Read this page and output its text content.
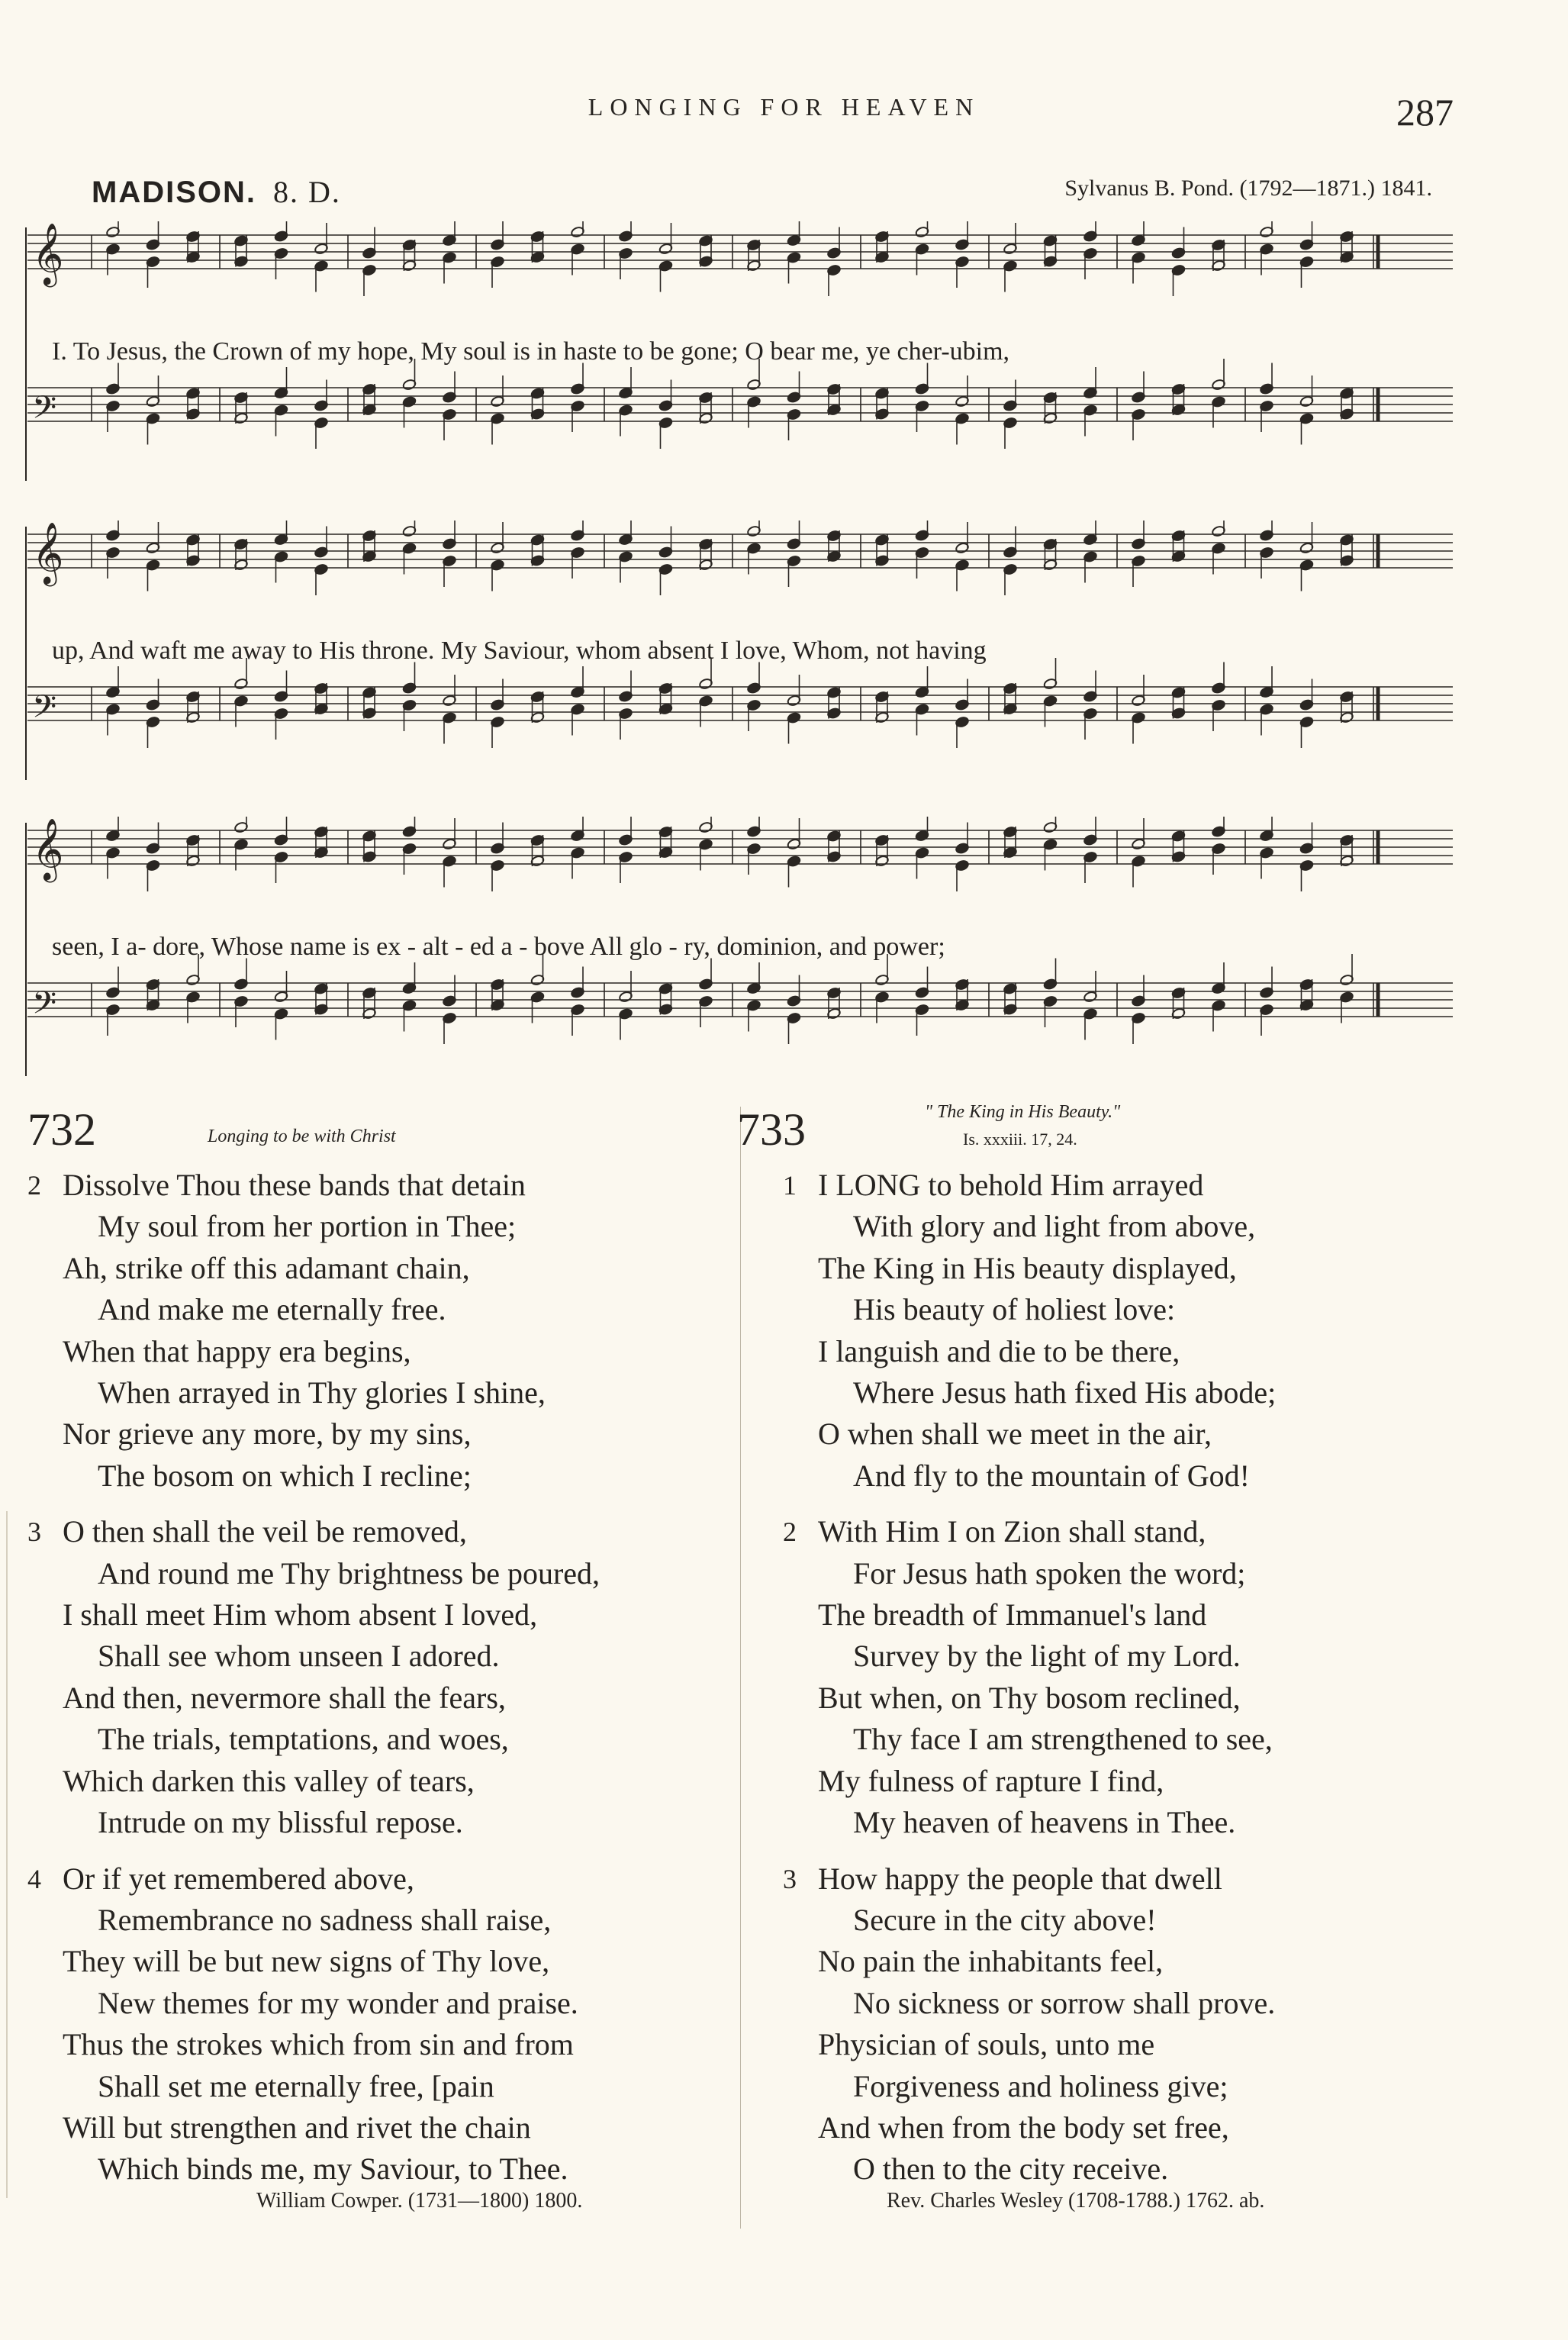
LONGING FOR HEAVEN	287
MADISON. 8. D.	Sylvanus B. Pond. (1792—1871.) 1841.
𝄞
𝄢
I. To Jesus, the Crown of my hope, My soul is in haste to be gone; O bear me, ye cher-ubim,
𝄞
𝄢
up, And waft me away to His throne. My Saviour, whom absent I love, Whom, not having
𝄞
𝄢
seen, I a- dore, Whose name is ex - alt - ed a - bove All glo - ry, dominion, and power;
732	Longing to be with Christ
2 Dissolve Thou these bands that detain
My soul from her portion in Thee;
Ah, strike off this adamant chain,
And make me eternally free.
When that happy era begins,
When arrayed in Thy glories I shine,
Nor grieve any more, by my sins,
The bosom on which I recline;
3 O then shall the veil be removed,
And round me Thy brightness be poured,
I shall meet Him whom absent I loved,
Shall see whom unseen I adored.
And then, nevermore shall the fears,
The trials, temptations, and woes,
Which darken this valley of tears,
Intrude on my blissful repose.
4 Or if yet remembered above,
Remembrance no sadness shall raise,
They will be but new signs of Thy love,
New themes for my wonder and praise.
Thus the strokes which from sin and from
Shall set me eternally free, [pain
Will but strengthen and rivet the chain
Which binds me, my Saviour, to Thee.
William Cowper. (1731—1800) 1800.
733	" The King in His Beauty."
Is. xxxiii. 17, 24.
1 I LONG to behold Him arrayed
With glory and light from above,
The King in His beauty displayed,
His beauty of holiest love:
I languish and die to be there,
Where Jesus hath fixed His abode;
O when shall we meet in the air,
And fly to the mountain of God!
2 With Him I on Zion shall stand,
For Jesus hath spoken the word;
The breadth of Immanuel's land
Survey by the light of my Lord.
But when, on Thy bosom reclined,
Thy face I am strengthened to see,
My fulness of rapture I find,
My heaven of heavens in Thee.
3 How happy the people that dwell
Secure in the city above!
No pain the inhabitants feel,
No sickness or sorrow shall prove.
Physician of souls, unto me
Forgiveness and holiness give;
And when from the body set free,
O then to the city receive.
Rev. Charles Wesley (1708-1788.) 1762. ab.
